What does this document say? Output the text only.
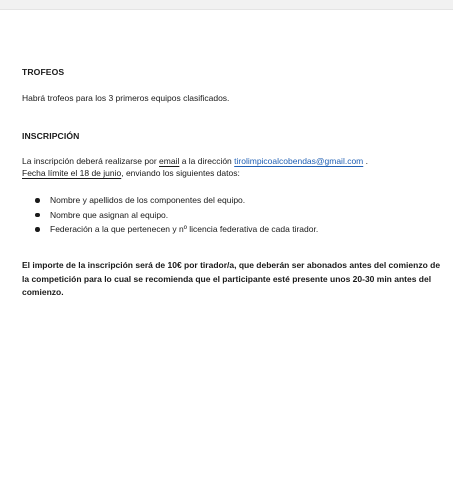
TROFEOS
Habrá trofeos para los 3 primeros equipos clasificados.
INSCRIPCIÓN
La inscripción deberá realizarse por email a la dirección tirolimpicoalcobendas@gmail.com .
Fecha límite el 18 de junio, enviando los siguientes datos:
Nombre y apellidos de los componentes del equipo.
Nombre que asignan al equipo.
Federación a la que pertenecen y nº licencia federativa de cada tirador.
El importe de la inscripción será de 10€ por tirador/a, que deberán ser abonados antes del comienzo de
la competición para lo cual se recomienda que el participante esté presente unos 20-30 min antes del
comienzo.
